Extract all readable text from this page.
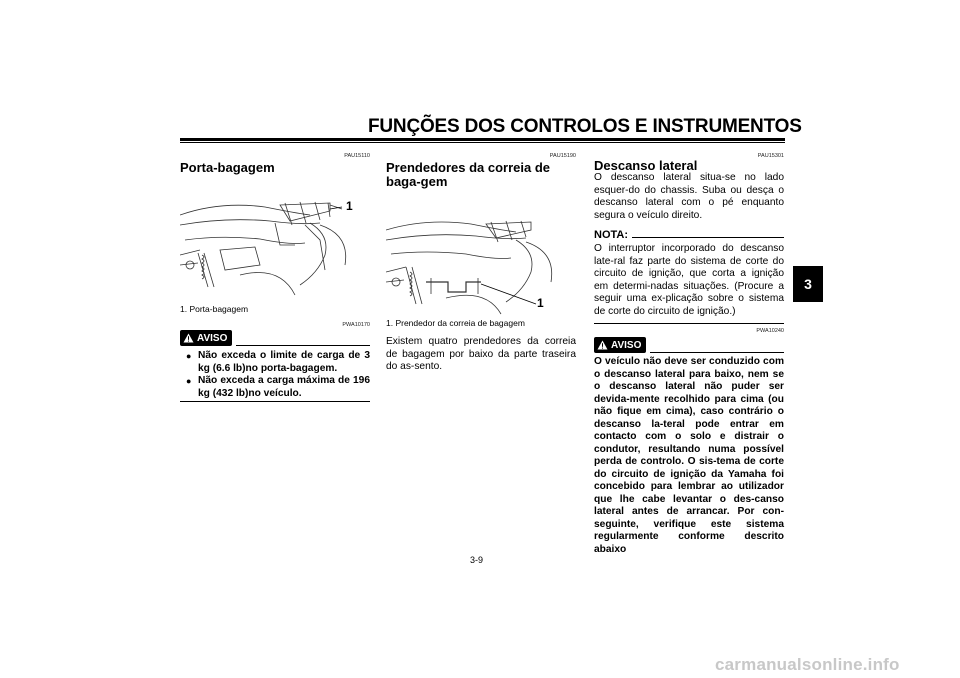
FUNÇÕES DOS CONTROLOS E INSTRUMENTOS
3
PAU15110
Porta-bagagem
1
1. Porta-bagagem
PWA10170
AVISO
● Não exceda o limite de carga de 3 kg (6.6 lb)no porta-bagagem.
● Não exceda a carga máxima de 196 kg (432 lb)no veículo.
PAU15190
Prendedores da correia de baga-gem
1
1. Prendedor da correia de bagagem
Existem quatro prendedores da correia de bagagem por baixo da parte traseira do as-sento.
PAU15301
Descanso lateral
O descanso lateral situa-se no lado esquer-do do chassis. Suba ou desça o descanso lateral com o pé enquanto segura o veículo direito.
NOTA:
O interruptor incorporado do descanso late-ral faz parte do sistema de corte do circuito de ignição, que corta a ignição em determi-nadas situações. (Procure a seguir uma ex-plicação sobre o sistema de corte do circuito de ignição.)
PWA10240
AVISO
O veículo não deve ser conduzido com o descanso lateral para baixo, nem se o descanso lateral não puder ser devida-mente recolhido para cima (ou não fique em cima), caso contrário o descanso la-teral pode entrar em contacto com o solo e distrair o condutor, resultando numa possível perda de controlo. O sis-tema de corte do circuito de ignição da Yamaha foi concebido para lembrar ao utilizador que lhe cabe levantar o des-canso lateral antes de arrancar. Por con-seguinte, verifique este sistema regularmente conforme descrito abaixo
3-9
carmanualsonline.info
